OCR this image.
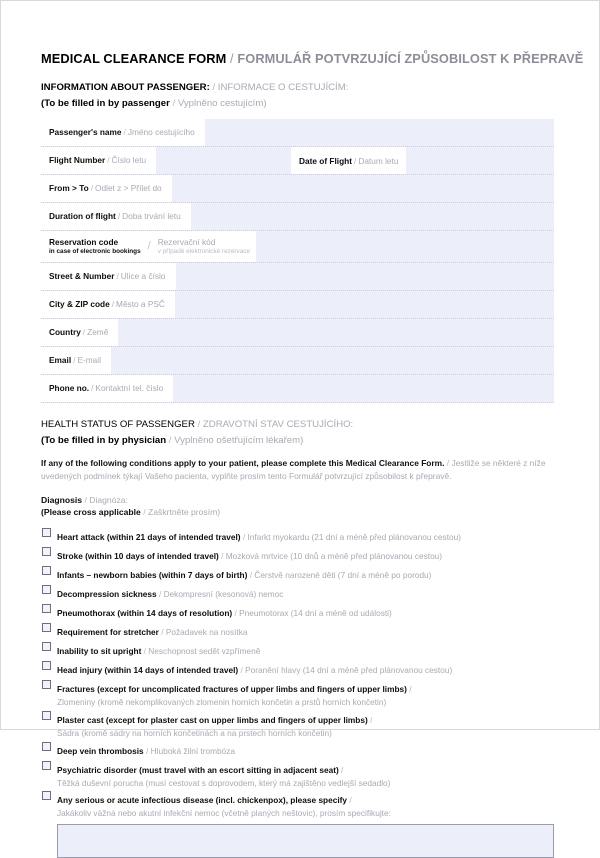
MEDICAL CLEARANCE FORM / FORMULÁŘ POTVRZUJÍCÍ ZPŮSOBILOST K PŘEPRAVĚ
INFORMATION ABOUT PASSENGER: / INFORMACE O CESTUJÍCÍM:
(To be filled in by passenger / Vyplněno cestujícím)
Passenger's name / Jméno cestujícího
Flight Number / Číslo letu	Date of Flight / Datum letu
From > To / Odlet z > Přílet do
Duration of flight / Doba trvání letu
Reservation code
in case of electronic bookings / Rezervační kód
v případě elektronické rezervace
Street & Number / Ulice a číslo
City & ZIP code / Město a PSČ
Country / Země
Email / E-mail
Phone no. / Kontaktní tel. číslo
HEALTH STATUS OF PASSENGER / ZDRAVOTNÍ STAV CESTUJÍCÍHO:
(To be filled in by physician / Vyplněno ošetřujícím lékařem)
If any of the following conditions apply to your patient, please complete this Medical Clearance Form. / Jestliže se některé z níže uvedených podmínek týkají Vašeho pacienta, vyplňte prosím tento Formulář potvrzující způsobilost k přepravě.
Diagnosis / Diagnóza:
(Please cross applicable / Zaškrtněte prosím)
Heart attack (within 21 days of intended travel) / Infarkt myokardu (21 dní a méně před plánovanou cestou)
Stroke (within 10 days of intended travel) / Mozková mrtvice (10 dnů a méně před plánovanou cestou)
Infants – newborn babies (within 7 days of birth) / Čerstvě narozené děti (7 dní a méně po porodu)
Decompression sickness / Dekompresní (kesonová) nemoc
Pneumothorax (within 14 days of resolution) / Pneumotorax (14 dní a méně od události)
Requirement for stretcher / Požadavek na nosítka
Inability to sit upright / Neschopnost sedět vzpřímeně
Head injury (within 14 days of intended travel) / Poranění hlavy (14 dní a méně před plánovanou cestou)
Fractures (except for uncomplicated fractures of upper limbs and fingers of upper limbs) /
Zlomeniny (kromě nekomplikovaných zlomenin horních končetin a prstů horních končetin)
Plaster cast (except for plaster cast on upper limbs and fingers of upper limbs) /
Sádra (kromě sádry na horních končetinách a na prstech horních končetin)
Deep vein thrombosis / Hluboká žilní trombóza
Psychiatric disorder (must travel with an escort sitting in adjacent seat) /
Těžká duševní porucha (musí cestovat s doprovodem, který má zajištěno vedlejší sedadlo)
Any serious or acute infectious disease (incl. chickenpox), please specify /
Jakákoliv vážná nebo akutní infekční nemoc (včetně planých neštovic), prosím specifikujte:
